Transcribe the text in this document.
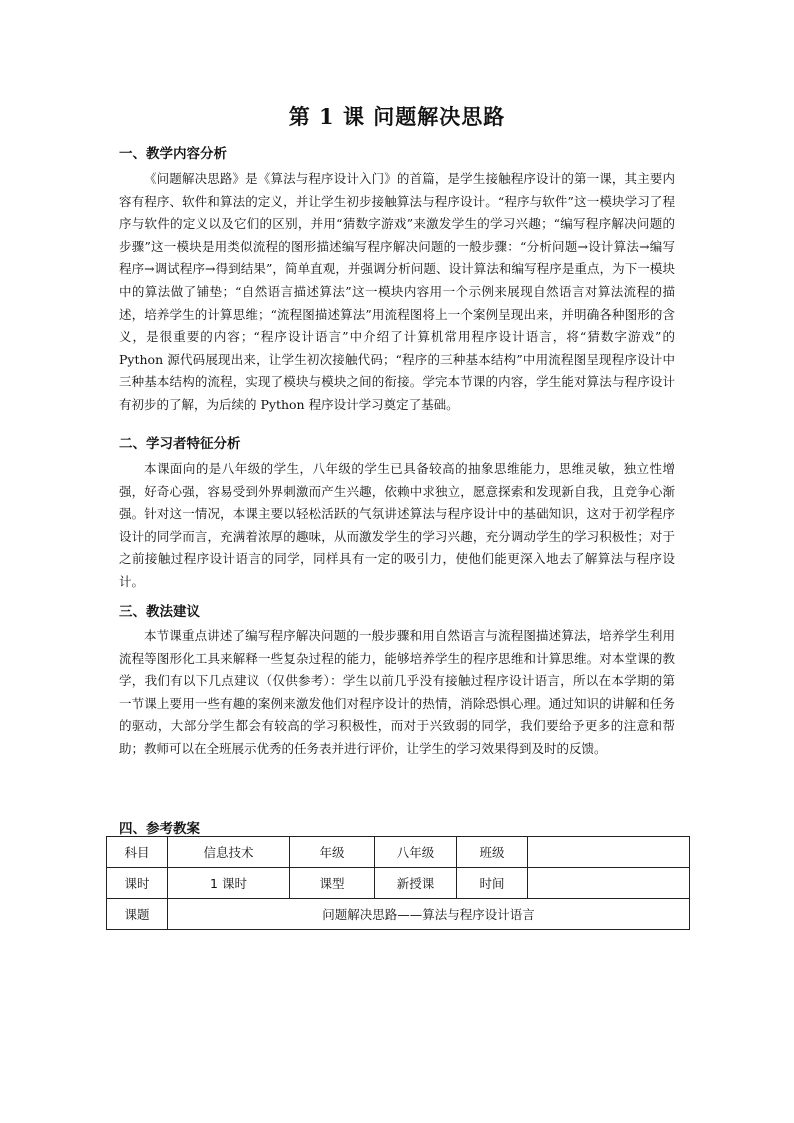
第 1 课 问题解决思路
一、教学内容分析
《问题解决思路》是《算法与程序设计入门》的首篇，是学生接触程序设计的第一课，其主要内容有程序、软件和算法的定义，并让学生初步接触算法与程序设计。“程序与软件”这一模块学习了程序与软件的定义以及它们的区别，并用“猜数字游戏”来激发学生的学习兴趣；“编写程序解决问题的步骤”这一模块是用类似流程的图形描述编写程序解决问题的一般步骤：“分析问题→设计算法→编写程序→调试程序→得到结果”，简单直观，并强调分析问题、设计算法和编写程序是重点，为下一模块中的算法做了铺垫；“自然语言描述算法”这一模块内容用一个示例来展现自然语言对算法流程的描述，培养学生的计算思维；“流程图描述算法”用流程图将上一个案例呈现出来，并明确各种图形的含义，是很重要的内容；“程序设计语言”中介绍了计算机常用程序设计语言，将“猜数字游戏”的 Python 源代码展现出来，让学生初次接触代码；“程序的三种基本结构”中用流程图呈现程序设计中三种基本结构的流程，实现了模块与模块之间的衔接。学完本节课的内容，学生能对算法与程序设计有初步的了解，为后续的 Python 程序设计学习奠定了基础。
二、学习者特征分析
本课面向的是八年级的学生，八年级的学生已具备较高的抽象思维能力，思维灵敏，独立性增强，好奇心强，容易受到外界刺激而产生兴趣，依赖中求独立，愿意探索和发现新自我，且竞争心渐强。针对这一情况，本课主要以轻松活跃的气氛讲述算法与程序设计中的基础知识，这对于初学程序设计的同学而言，充满着浓厚的趣味，从而激发学生的学习兴趣，充分调动学生的学习积极性；对于之前接触过程序设计语言的同学，同样具有一定的吸引力，使他们能更深入地去了解算法与程序设计。
三、教法建议
本节课重点讲述了编写程序解决问题的一般步骤和用自然语言与流程图描述算法，培养学生利用流程等图形化工具来解释一些复杂过程的能力，能够培养学生的程序思维和计算思维。对本堂课的教学，我们有以下几点建议（仅供参考）：学生以前几乎没有接触过程序设计语言，所以在本学期的第一节课上要用一些有趣的案例来激发他们对程序设计的热情，消除恐惧心理。通过知识的讲解和任务的驱动，大部分学生都会有较高的学习积极性，而对于兴致弱的同学，我们要给予更多的注意和帮助；教师可以在全班展示优秀的任务表并进行评价，让学生的学习效果得到及时的反馈。
四、参考教案
科目	信息技术	年级	八年级	班级	
课时	1 课时	课型	新授课	时间	
课题	问题解决思路——算法与程序设计语言				
